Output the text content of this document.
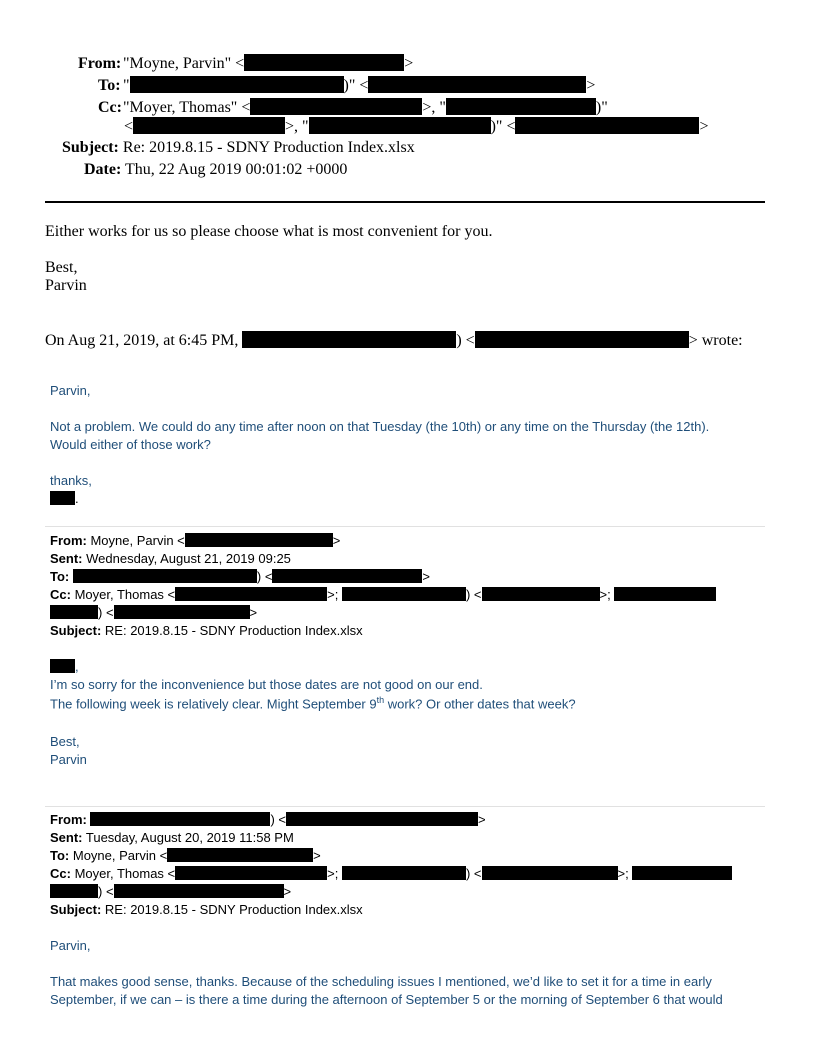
From: "Moyne, Parvin" <	>
To: "	)" <	>
Cc: "Moyer, Thomas" <	>, "	)"
<	>, "	)" <	>
Subject: Re: 2019.8.15 - SDNY Production Index.xlsx
Date: Thu, 22 Aug 2019 00:01:02 +0000
Either works for us so please choose what is most convenient for you.
Best,
Parvin
On Aug 21, 2019, at 6:45 PM,	) <	> wrote:
Parvin,
Not a problem. We could do any time after noon on that Tuesday (the 10th) or any time on the Thursday (the 12th).
Would either of those work?
thanks,
.
From: Moyne, Parvin <	>
Sent: Wednesday, August 21, 2019 09:25
To:	) <	>
Cc: Moyer, Thomas <	>;	) <	>;
) <	>
Subject: RE: 2019.8.15 - SDNY Production Index.xlsx
,
I’m so sorry for the inconvenience but those dates are not good on our end.
The following week is relatively clear. Might September 9th work? Or other dates that week?
Best,
Parvin
From:	) <	>
Sent: Tuesday, August 20, 2019 11:58 PM
To: Moyne, Parvin <	>
Cc: Moyer, Thomas <	>;	) <	>;
) <	>
Subject: RE: 2019.8.15 - SDNY Production Index.xlsx
Parvin,
That makes good sense, thanks. Because of the scheduling issues I mentioned, we’d like to set it for a time in early
September, if we can – is there a time during the afternoon of September 5 or the morning of September 6 that would
